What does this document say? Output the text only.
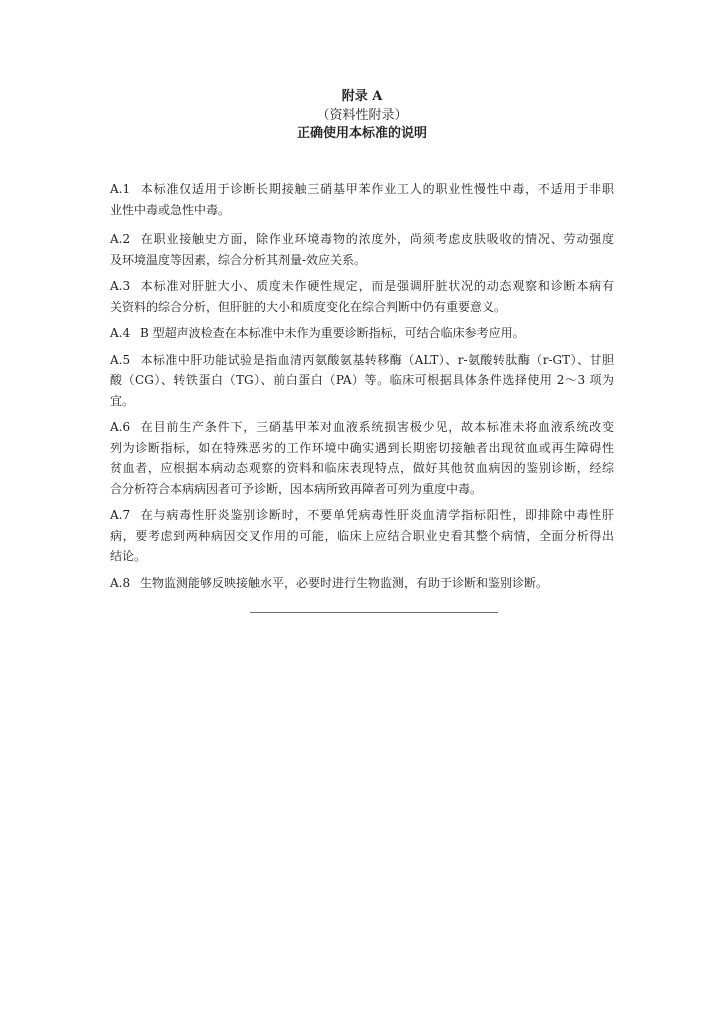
附录 A
（资料性附录）
正确使用本标准的说明
A.1 本标准仅适用于诊断长期接触三硝基甲苯作业工人的职业性慢性中毒，不适用于非职
业性中毒或急性中毒。
A.2 在职业接触史方面，除作业环境毒物的浓度外，尚须考虑皮肤吸收的情况、劳动强度
及环境温度等因素，综合分析其剂量-效应关系。
A.3 本标准对肝脏大小、质度未作硬性规定，而是强调肝脏状况的动态观察和诊断本病有
关资料的综合分析，但肝脏的大小和质度变化在综合判断中仍有重要意义。
A.4 B 型超声波检查在本标准中未作为重要诊断指标，可结合临床参考应用。
A.5 本标准中肝功能试验是指血清丙氨酸氨基转移酶（ALT）、r-氨酸转肽酶（r-GT）、甘胆
酸（CG）、转铁蛋白（TG）、前白蛋白（PA）等。临床可根据具体条件选择使用 2～3 项为
宜。
A.6 在目前生产条件下，三硝基甲苯对血液系统损害极少见，故本标准未将血液系统改变
列为诊断指标，如在特殊恶劣的工作环境中确实遇到长期密切接触者出现贫血或再生障碍性
贫血者，应根据本病动态观察的资料和临床表现特点，做好其他贫血病因的鉴别诊断，经综
合分析符合本病病因者可予诊断，因本病所致再障者可列为重度中毒。
A.7 在与病毒性肝炎鉴别诊断时，不要单凭病毒性肝炎血清学指标阳性，即排除中毒性肝
病，要考虑到两种病因交叉作用的可能，临床上应结合职业史看其整个病情，全面分析得出
结论。
A.8 生物监测能够反映接触水平，必要时进行生物监测，有助于诊断和鉴别诊断。
